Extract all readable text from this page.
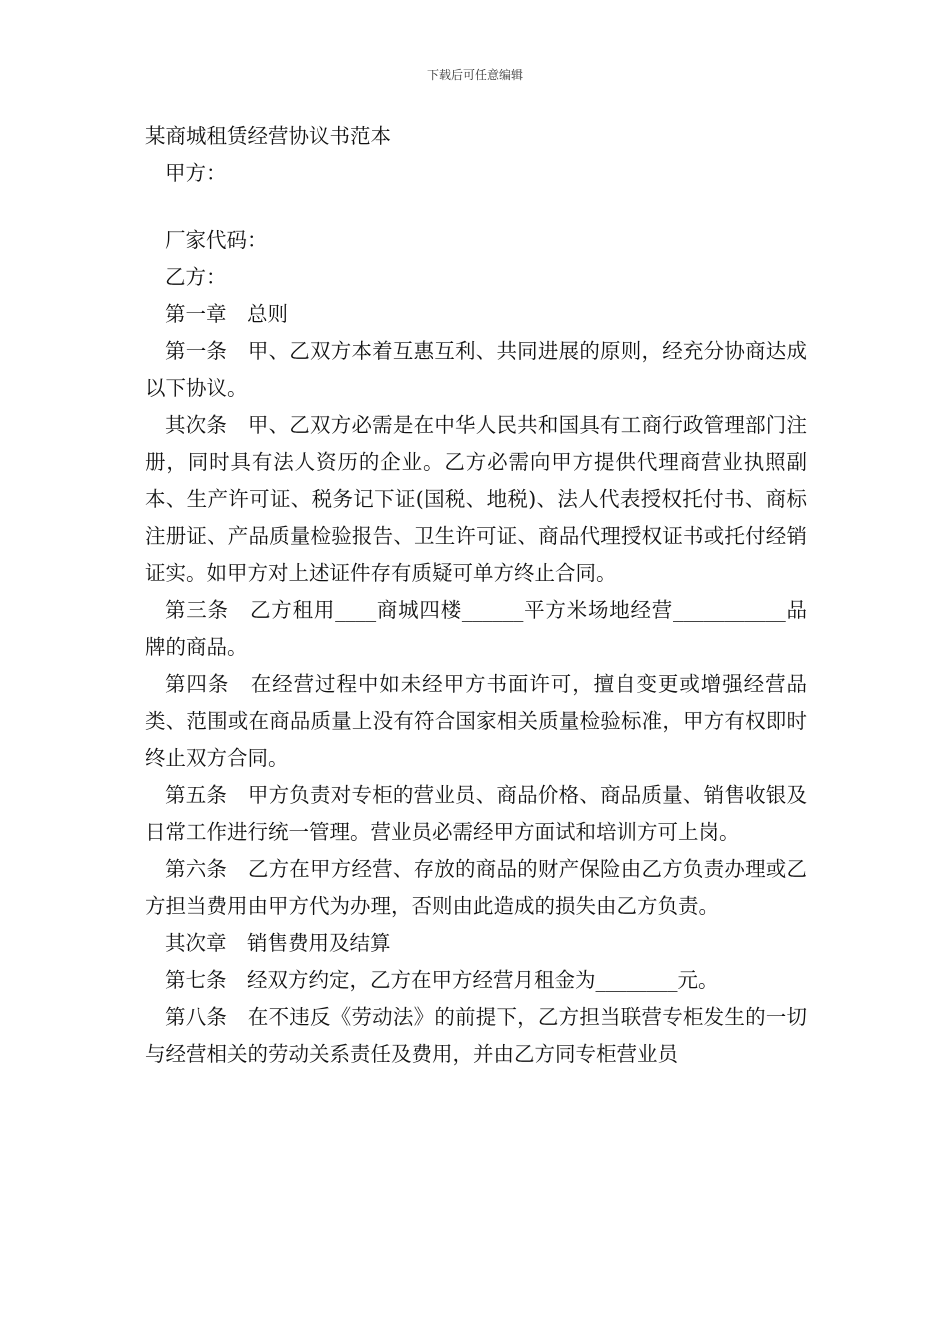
下载后可任意编辑

某商城租赁经营协议书范本

甲方：

厂家代码：

乙方：

第一章　总则

第一条　甲、乙双方本着互惠互利、共同进展的原则，经充分协商达成以下协议。

其次条　甲、乙双方必需是在中华人民共和国具有工商行政管理部门注册，同时具有法人资历的企业。乙方必需向甲方提供代理商营业执照副本、生产许可证、税务记下证(国税、地税)、法人代表授权托付书、商标注册证、产品质量检验报告、卫生许可证、商品代理授权证书或托付经销证实。如甲方对上述证件存有质疑可单方终止合同。

第三条　乙方租用____商城四楼______平方米场地经营___________品牌的商品。

第四条　在经营过程中如未经甲方书面许可，擅自变更或增强经营品类、范围或在商品质量上没有符合国家相关质量检验标准，甲方有权即时终止双方合同。

第五条　甲方负责对专柜的营业员、商品价格、商品质量、销售收银及日常工作进行统一管理。营业员必需经甲方面试和培训方可上岗。

第六条　乙方在甲方经营、存放的商品的财产保险由乙方负责办理或乙方担当费用由甲方代为办理，否则由此造成的损失由乙方负责。

其次章　销售费用及结算

第七条　经双方约定，乙方在甲方经营月租金为________元。

第八条　在不违反《劳动法》的前提下，乙方担当联营专柜发生的一切与经营相关的劳动关系责任及费用，并由乙方同专柜营业员
